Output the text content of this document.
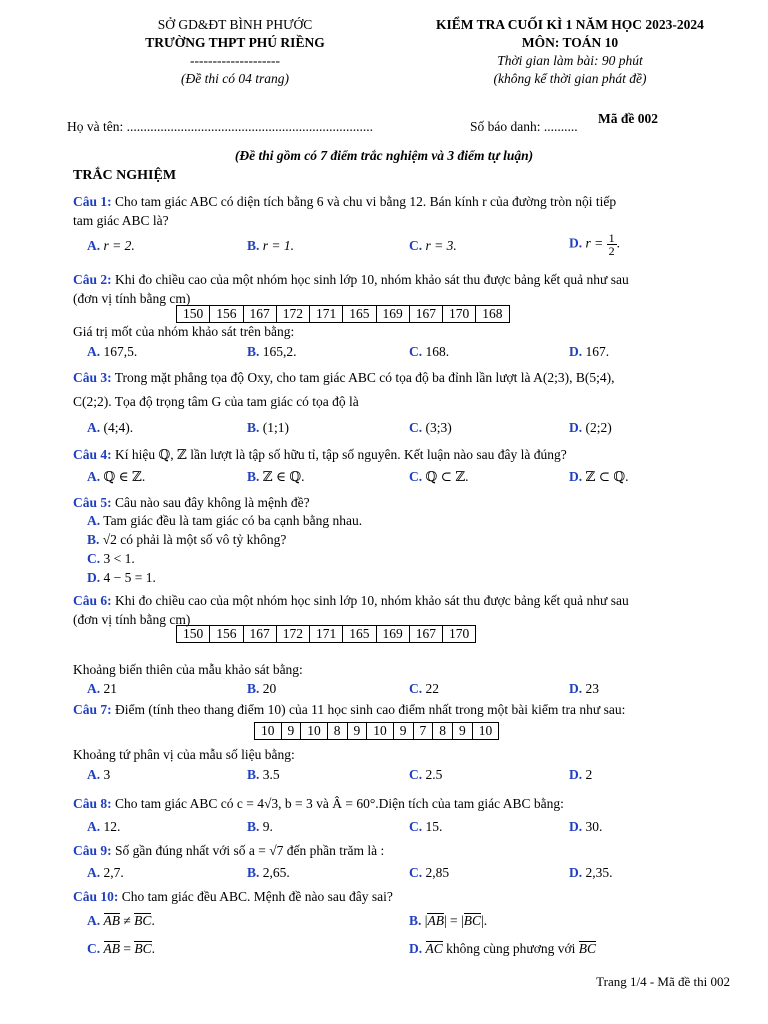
SỞ GD&ĐT BÌNH PHƯỚC
TRƯỜNG THPT PHÚ RIỀNG
--------------------
(Đề thi có 04 trang)
KIỂM TRA CUỐI KÌ 1 NĂM HỌC 2023-2024
MÔN: TOÁN 10
Thời gian làm bài: 90 phút
(không kể thời gian phát đề)
Họ và tên: .........................................................................	Số báo danh: ..........
Mã đề 002
(Đề thi gồm có 7 điểm trắc nghiệm và 3 điểm tự luận)
TRẮC NGHIỆM
Câu 1: Cho tam giác ABC có diện tích bằng 6 và chu vi bằng 12. Bán kính r của đường tròn nội tiếp
tam giác ABC là?
A. r = 2.	B. r = 1.	C. r = 3.	D. $r = \frac{1}{2}$ .
Câu 2: Khi đo chiều cao của một nhóm học sinh lớp 10, nhóm khảo sát thu được bảng kết quả như sau
(đơn vị tính bằng cm)
150	156	167	172	171	165	169	167	170	168
Giá trị mốt của nhóm khảo sát trên bằng:
A. 167,5.	B. 165,2.	C. 168.	D. 167.
Câu 3: Trong mặt phẳng tọa độ Oxy, cho tam giác ABC có tọa độ ba đỉnh lần lượt là A(2;3), B(5;4),
C(2;2). Tọa độ trọng tâm G của tam giác có tọa độ là
A. (4;4).	B. (1;1)	C. (3;3)	D. (2;2)
Câu 4: Kí hiệu ℚ, ℤ lần lượt là tập số hữu tỉ, tập số nguyên. Kết luận nào sau đây là đúng?
A. ℚ ∈ ℤ.	B. ℤ ∈ ℚ.	C. ℚ ⊂ ℤ.	D. ℤ ⊂ ℚ.
Câu 5: Câu nào sau đây không là mệnh đề?
A. Tam giác đều là tam giác có ba cạnh bằng nhau.
B. √2 có phải là một số vô tỷ không?
C. 3 < 1.
D. 4 − 5 = 1.
Câu 6: Khi đo chiều cao của một nhóm học sinh lớp 10, nhóm khảo sát thu được bảng kết quả như sau
(đơn vị tính bằng cm)
150	156	167	172	171	165	169	167	170
Khoảng biến thiên của mẫu khảo sát bằng:
A. 21	B. 20	C. 22	D. 23
Câu 7: Điểm (tính theo thang điểm 10) của 11 học sinh cao điểm nhất trong một bài kiểm tra như sau:
10	9	10	8	9	10	9	7	8	9	10
Khoảng tứ phân vị của mẫu số liệu bằng:
A. 3	B. 3.5	C. 2.5	D. 2
Câu 8: Cho tam giác ABC có c = 4√3, b = 3 và Â = 60°.Diện tích của tam giác ABC bằng:
A. 12.	B. 9.	C. 15.	D. 30.
Câu 9: Số gần đúng nhất với số a = √7 đến phần trăm là :
A. 2,7.	B. 2,65.	C. 2,85	D. 2,35.
Câu 10: Cho tam giác đều ABC. Mệnh đề nào sau đây sai?
A. AB ≠ BC.	B. |AB| = |BC|.
C. AB = BC.	D. AC không cùng phương với BC
Trang 1/4 - Mã đề thi 002
